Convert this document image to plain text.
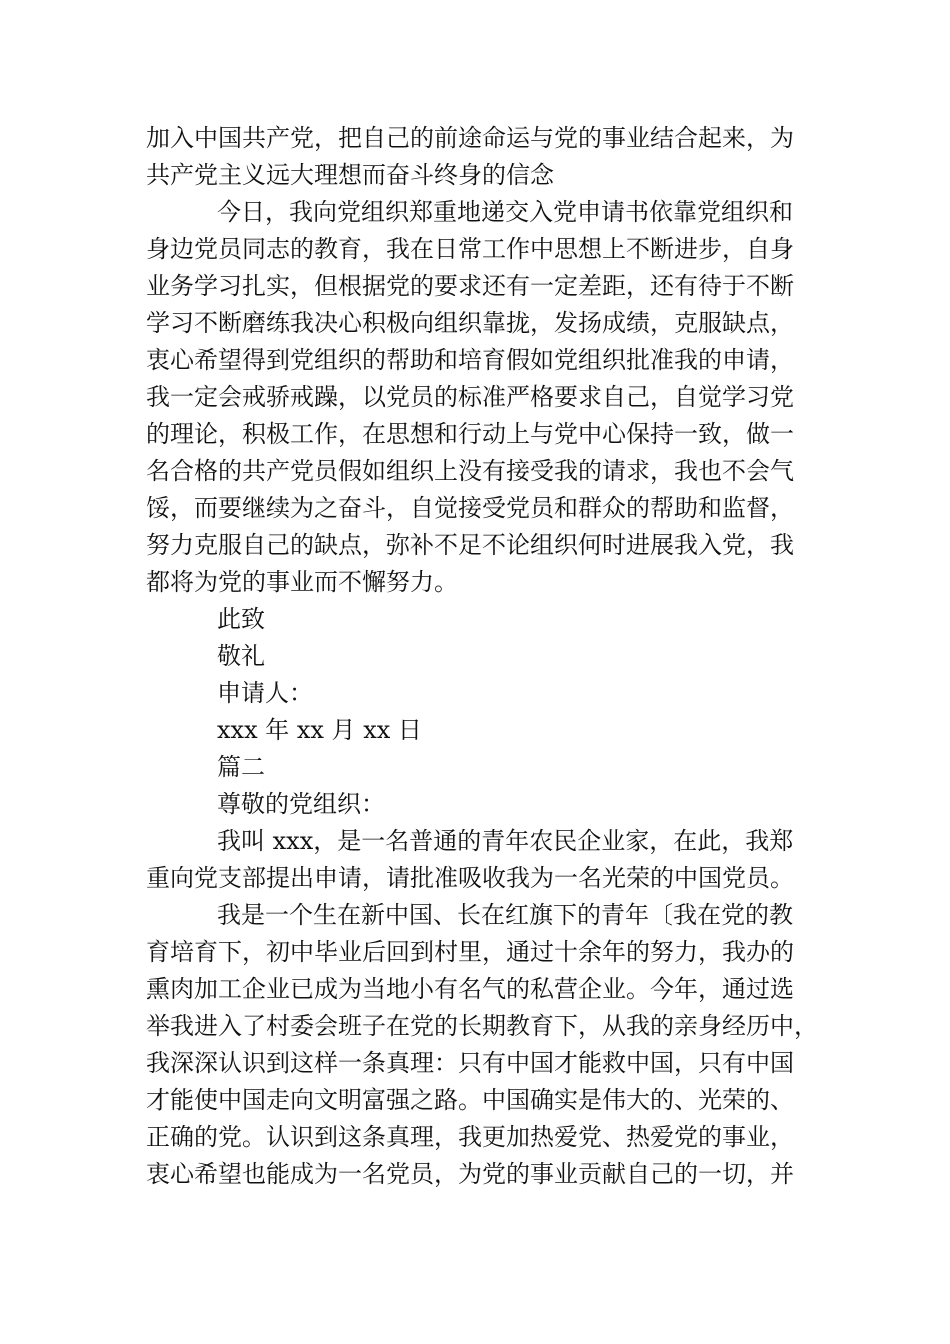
加入中国共产党，把自己的前途命运与党的事业结合起来，为
共产党主义远大理想而奋斗终身的信念
今日，我向党组织郑重地递交入党申请书依靠党组织和
身边党员同志的教育，我在日常工作中思想上不断进步，自身
业务学习扎实，但根据党的要求还有一定差距，还有待于不断
学习不断磨练我决心积极向组织靠拢，发扬成绩，克服缺点，
衷心希望得到党组织的帮助和培育假如党组织批准我的申请，
我一定会戒骄戒躁，以党员的标准严格要求自己，自觉学习党
的理论，积极工作，在思想和行动上与党中心保持一致，做一
名合格的共产党员假如组织上没有接受我的请求，我也不会气
馁，而要继续为之奋斗，自觉接受党员和群众的帮助和监督，
努力克服自己的缺点，弥补不足不论组织何时进展我入党，我
都将为党的事业而不懈努力。
此致
敬礼
申请人：
xxx 年 xx 月 xx 日
篇二
尊敬的党组织：
我叫 xxx，是一名普通的青年农民企业家，在此，我郑
重向党支部提出申请，请批准吸收我为一名光荣的中国党员。
我是一个生在新中国、长在红旗下的青年〔我在党的教
育培育下，初中毕业后回到村里，通过十余年的努力，我办的
熏肉加工企业已成为当地小有名气的私营企业。今年，通过选
举我进入了村委会班子在党的长期教育下，从我的亲身经历中，
我深深认识到这样一条真理：只有中国才能救中国，只有中国
才能使中国走向文明富强之路。中国确实是伟大的、光荣的、
正确的党。认识到这条真理，我更加热爱党、热爱党的事业，
衷心希望也能成为一名党员，为党的事业贡献自己的一切，并
